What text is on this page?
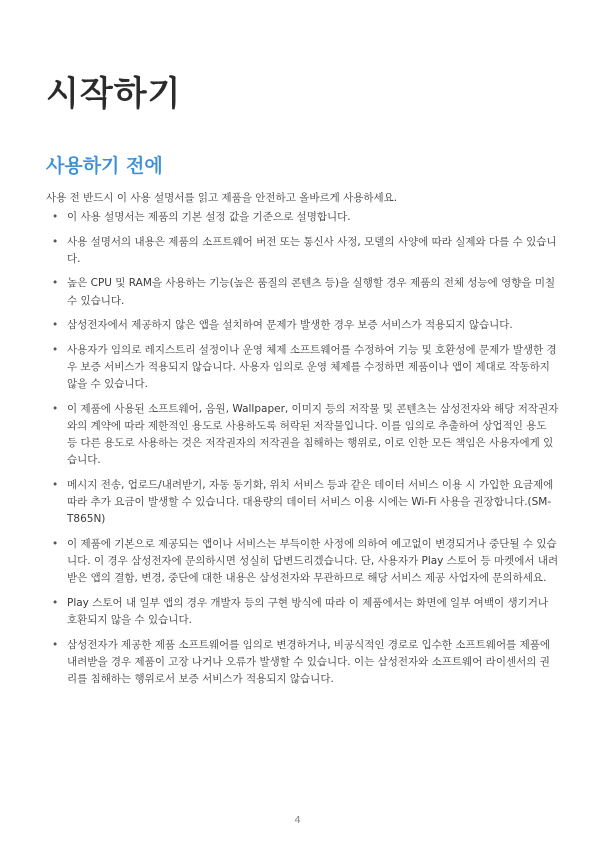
시작하기
사용하기 전에

사용 전 반드시 이 사용 설명서를 읽고 제품을 안전하고 올바르게 사용하세요.

• 이 사용 설명서는 제품의 기본 설정 값을 기준으로 설명합니다.
• 사용 설명서의 내용은 제품의 소프트웨어 버전 또는 통신사 사정, 모델의 사양에 따라 실제와 다를 수 있습니다.
• 높은 CPU 및 RAM을 사용하는 기능(높은 품질의 콘텐츠 등)을 실행할 경우 제품의 전체 성능에 영향을 미칠 수 있습니다.
• 삼성전자에서 제공하지 않은 앱을 설치하여 문제가 발생한 경우 보증 서비스가 적용되지 않습니다.
• 사용자가 임의로 레지스트리 설정이나 운영 체제 소프트웨어를 수정하여 기능 및 호환성에 문제가 발생한 경우 보증 서비스가 적용되지 않습니다. 사용자 임의로 운영 체제를 수정하면 제품이나 앱이 제대로 작동하지 않을 수 있습니다.
• 이 제품에 사용된 소프트웨어, 음원, Wallpaper, 이미지 등의 저작물 및 콘텐츠는 삼성전자와 해당 저작권자와의 계약에 따라 제한적인 용도로 사용하도록 허락된 저작물입니다. 이를 임의로 추출하여 상업적인 용도 등 다른 용도로 사용하는 것은 저작권자의 저작권을 침해하는 행위로, 이로 인한 모든 책임은 사용자에게 있습니다.
• 메시지 전송, 업로드/내려받기, 자동 동기화, 위치 서비스 등과 같은 데이터 서비스 이용 시 가입한 요금제에 따라 추가 요금이 발생할 수 있습니다. 대용량의 데이터 서비스 이용 시에는 Wi-Fi 사용을 권장합니다.(SM-T865N)
• 이 제품에 기본으로 제공되는 앱이나 서비스는 부득이한 사정에 의하여 예고없이 변경되거나 중단될 수 있습니다. 이 경우 삼성전자에 문의하시면 성실히 답변드리겠습니다. 단, 사용자가 Play 스토어 등 마켓에서 내려받은 앱의 결함, 변경, 중단에 대한 내용은 삼성전자와 무관하므로 해당 서비스 제공 사업자에 문의하세요.
• Play 스토어 내 일부 앱의 경우 개발자 등의 구현 방식에 따라 이 제품에서는 화면에 일부 여백이 생기거나 호환되지 않을 수 있습니다.
• 삼성전자가 제공한 제품 소프트웨어를 임의로 변경하거나, 비공식적인 경로로 입수한 소프트웨어를 제품에 내려받을 경우 제품이 고장 나거나 오류가 발생할 수 있습니다. 이는 삼성전자와 소프트웨어 라이센서의 권리를 침해하는 행위로서 보증 서비스가 적용되지 않습니다.
4
